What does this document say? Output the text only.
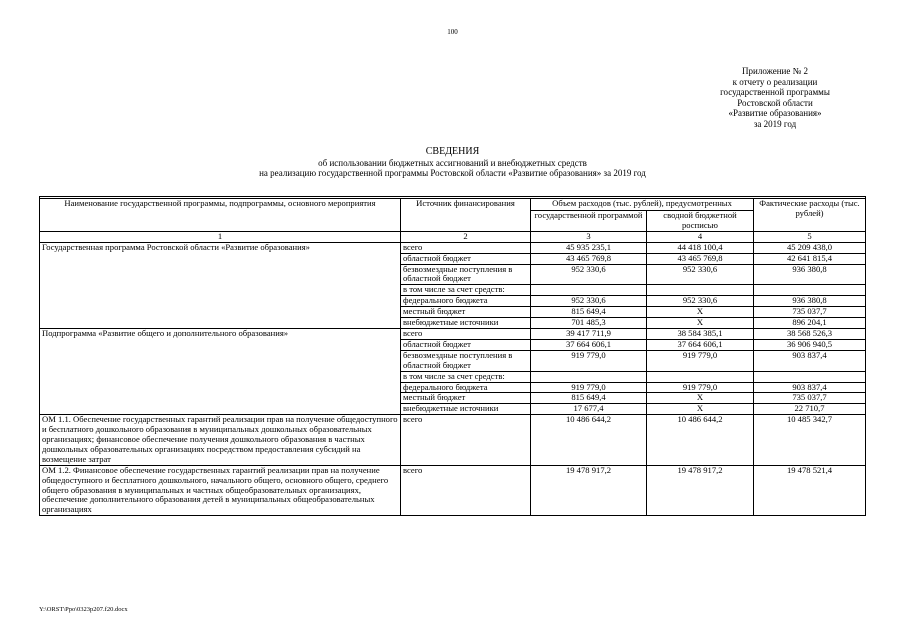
100
Приложение № 2
к отчету о реализации
государственной программы
Ростовской области
«Развитие образования»
за 2019 год
СВЕДЕНИЯ
об использовании бюджетных ассигнований и внебюджетных средств
на реализацию государственной программы Ростовской области «Развитие образования» за 2019 год

Наименование государственной программы, подпрограммы, основного мероприятия	Источник финансирования	Объем расходов (тыс. рублей), предусмотренных		Фактические расходы (тыс. рублей)
		государственной программой	сводной бюджетной росписью	
1	2	3	4	5
Государственная программа Ростовской области «Развитие образования»	всего	45 935 235,1	44 418 100,4	45 209 438,0
	областной бюджет	43 465 769,8	43 465 769,8	42 641 815,4
	безвозмездные поступления в областной бюджет	952 330,6	952 330,6	936 380,8
	в том числе за счет средств:			
	федерального бюджета	952 330,6	952 330,6	936 380,8
	местный бюджет	815 649,4	X	735 037,7
	внебюджетные источники	701 485,3	X	896 204,1
Подпрограмма «Развитие общего и дополнительного образования»	всего	39 417 711,9	38 584 385,1	38 568 526,3
	областной бюджет	37 664 606,1	37 664 606,1	36 906 940,5
	безвозмездные поступления в областной бюджет	919 779,0	919 779,0	903 837,4
	в том числе за счет средств:			
	федерального бюджета	919 779,0	919 779,0	903 837,4
	местный бюджет	815 649,4	X	735 037,7
	внебюджетные источники	17 677,4	X	22 710,7
ОМ 1.1. Обеспечение государственных гарантий реализации прав на получение общедоступного и бесплатного дошкольного образования в муниципальных дошкольных образовательных организациях; финансовое обеспечение получения дошкольного образования в частных дошкольных образовательных организациях посредством предоставления субсидий на возмещение затрат	всего	10 486 644,2	10 486 644,2	10 485 342,7
ОМ 1.2. Финансовое обеспечение государственных гарантий реализации прав на получение общедоступного и бесплатного дошкольного, начального общего, основного общего, среднего общего образования в муниципальных и частных общеобразовательных организациях, обеспечение дополнительного образования детей в муниципальных общеобразовательных организациях	всего	19 478 917,2	19 478 917,2	19 478 521,4
Y:\ORST\Ppo\0323p207.f20.docx
